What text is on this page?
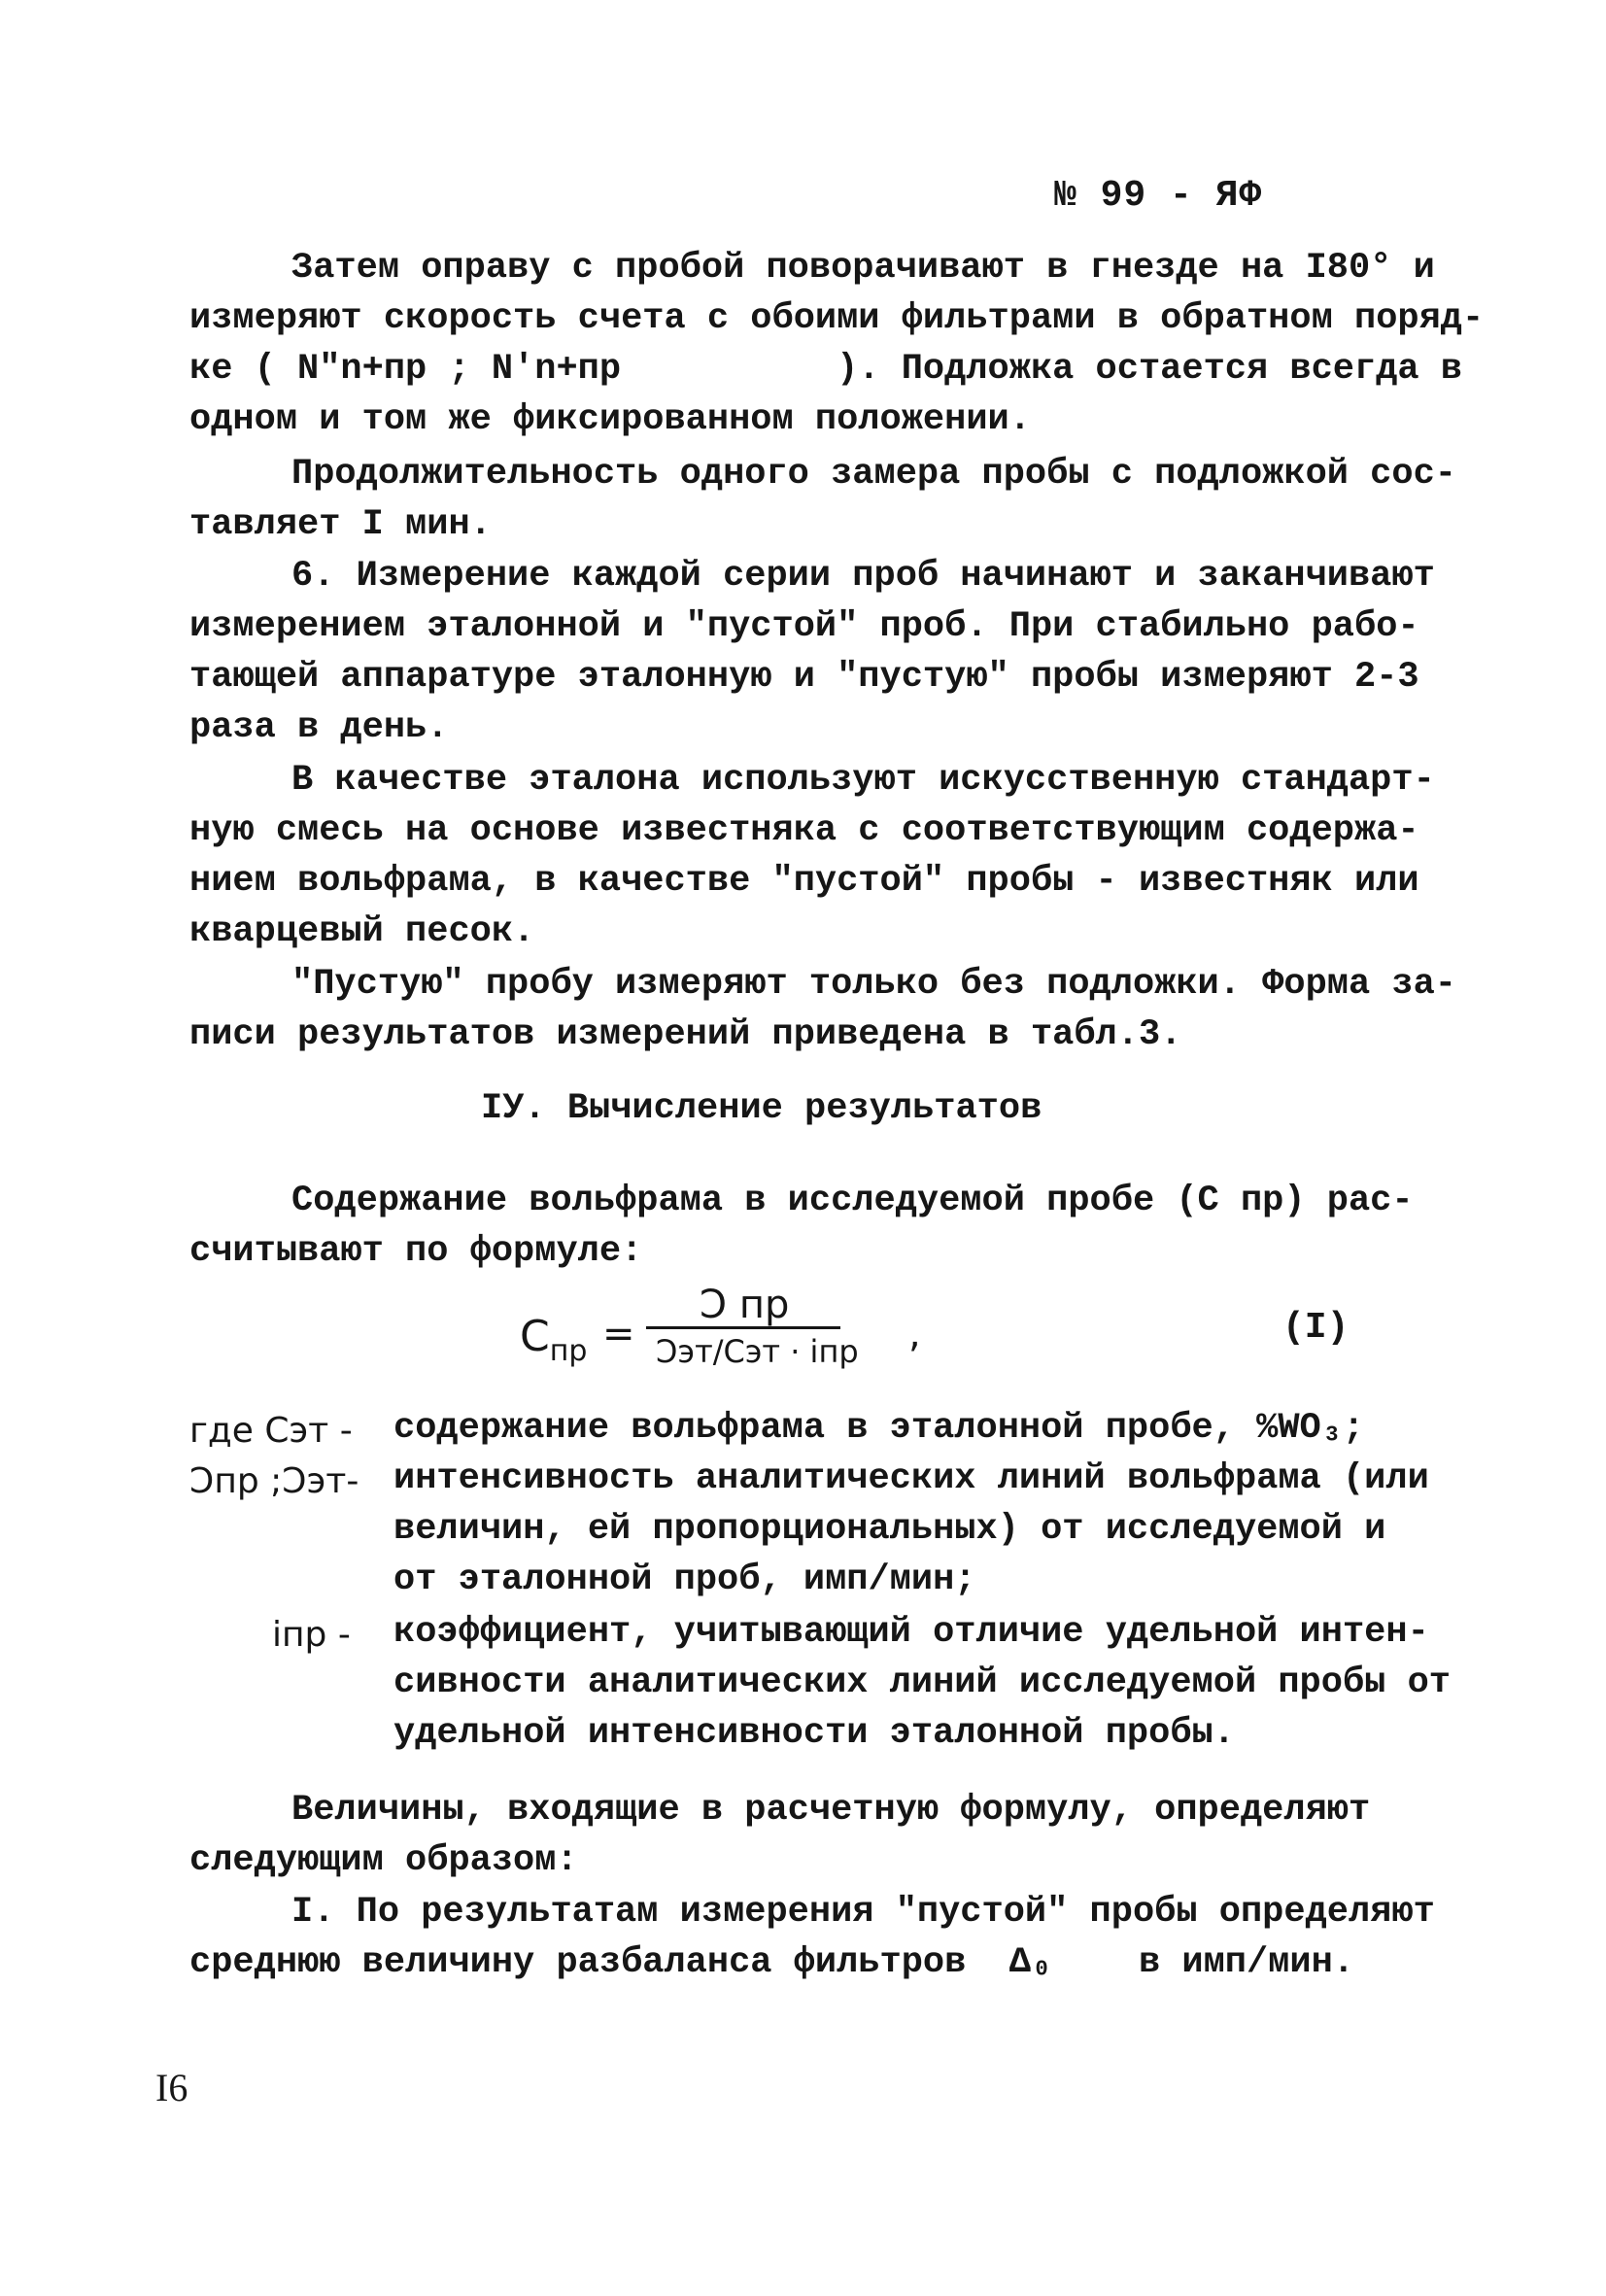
№ 99 - ЯФ
Затем оправу с пробой поворачивают в гнезде на I80° и
измеряют скорость счета с обоими фильтрами в обратном поряд-
ке ( N″n+пр ; N′n+пр          ). Подложка остается всегда в
одном и том же фиксированном положении.
Продолжительность одного замера пробы с подложкой сос-
тавляет I мин.
6. Измерение каждой серии проб начинают и заканчивают
измерением эталонной и "пустой" проб. При стабильно рабо-
тающей аппаратуре эталонную и "пустую" пробы измеряют 2-3
раза в день.
В качестве эталона используют искусственную стандарт-
ную смесь на основе известняка с соответствующим содержа-
нием вольфрама, в качестве "пустой" пробы - известняк или
кварцевый песок.
"Пустую" пробу измеряют только без подложки. Форма за-
писи результатов измерений приведена в табл.3.
IУ. Вычисление результатов
Содержание вольфрама в исследуемой пробе (С пр) рас-
считывают по формуле:
$C_{пр}$ =
Ͻ пр
Ͻэт/Cэт · iпр ,	(I)
где Cэт - содержание вольфрама в эталонной пробе, %WO₃;
Ͻпр ;Ͻэт- интенсивность аналитических линий вольфрама (или
величин, ей пропорциональных) от исследуемой и
от эталонной проб, имп/мин;
iпр - коэффициент, учитывающий отличие удельной интен-
сивности аналитических линий исследуемой пробы от
удельной интенсивности эталонной пробы.
Величины, входящие в расчетную формулу, определяют
следующим образом:
I. По результатам измерения "пустой" пробы определяют
среднюю величину разбаланса фильтров  Δ₀    в имп/мин.
I6
